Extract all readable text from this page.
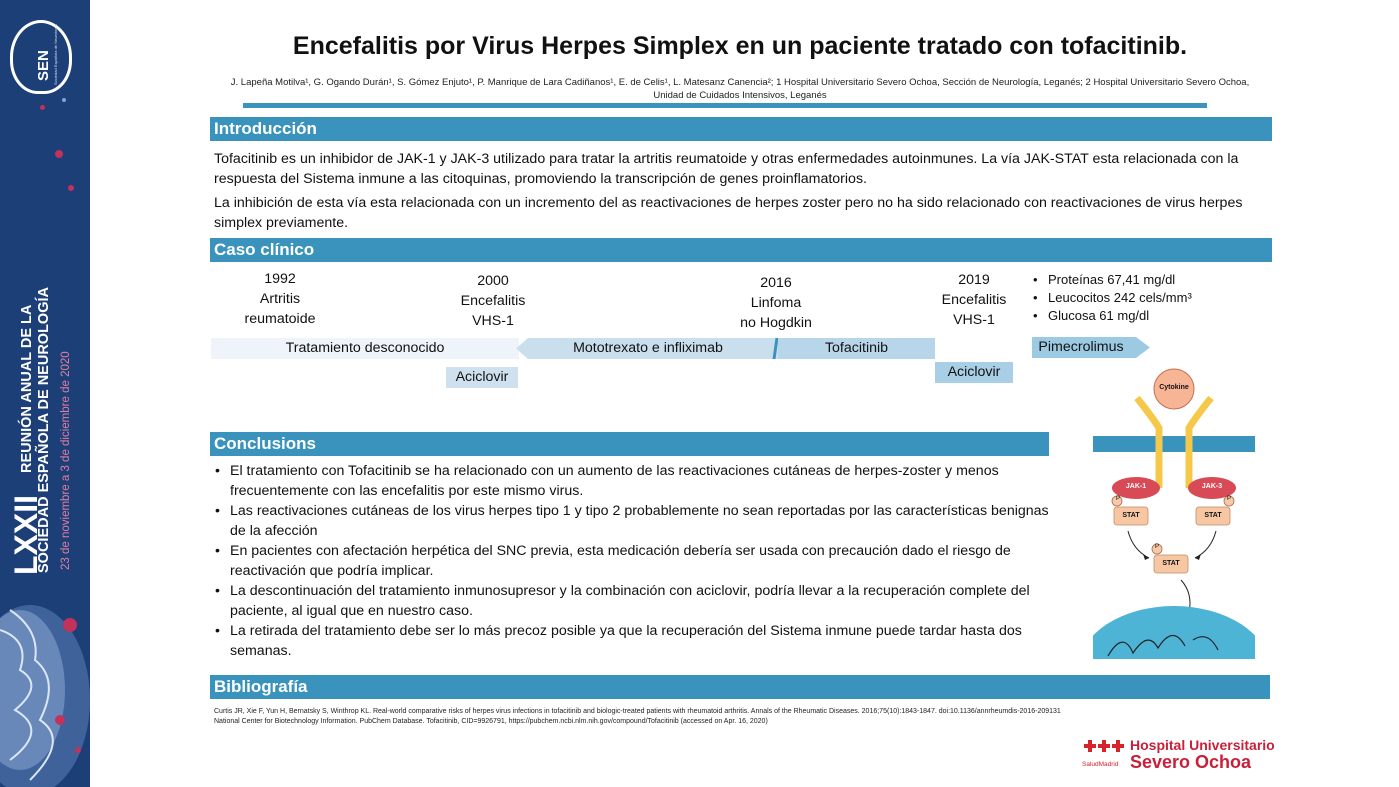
SEN Sociedad Española de Neurología
LXXII
REUNIÓN ANUAL DE LA SOCIEDAD ESPAÑOLA DE NEUROLOGÍA 23 de noviembre a 3 de diciembre de 2020
Encefalitis por Virus Herpes Simplex en un paciente tratado con tofacitinib.
J. Lapeña Motilva¹, G. Ogando Durán¹, S. Gómez Enjuto¹, P. Manrique de Lara Cadiñanos¹, E. de Celis¹, L. Matesanz Canencia²; 1 Hospital Universitario Severo Ochoa, Sección de Neurología, Leganés; 2 Hospital Universitario Severo Ochoa,
Unidad de Cuidados Intensivos, Leganés
Introducción
Tofacitinib es un inhibidor de JAK-1 y JAK-3 utilizado para tratar la artritis reumatoide y otras enfermedades autoinmunes. La vía JAK-STAT esta relacionada con la respuesta del Sistema inmune a las citoquinas, promoviendo la transcripción de genes proinflamatorios.
La inhibición de esta vía esta relacionada con un incremento del as reactivaciones de herpes zoster pero no ha sido relacionado con reactivaciones de virus herpes simplex previamente.
Caso clínico
1992
Artritis
reumatoide
2000
Encefalitis
VHS-1
2016
Linfoma
no Hogdkin
2019
Encefalitis
VHS-1
• Proteínas 67,41 mg/dl
• Leucocitos 242 cels/mm³
• Glucosa 61 mg/dl
Tratamiento desconocido	Mototrexato e infliximab	Tofacitinib	Pimecrolimus
Aciclovir	Aciclovir
Cytokine
JAK-1	JAK-3
P	P
STAT	STAT
P
STAT
Conclusions
• El tratamiento con Tofacitinib se ha relacionado con un aumento de las reactivaciones cutáneas de herpes-zoster y menos frecuentemente con las encefalitis por este mismo virus.
• Las reactivaciones cutáneas de los virus herpes tipo 1 y tipo 2 probablemente no sean reportadas por las características benignas de la afección
• En pacientes con afectación herpética del SNC previa, esta medicación debería ser usada con precaución dado el riesgo de reactivación que podría implicar.
• La descontinuación del tratamiento inmunosupresor y la combinación con aciclovir, podría llevar a la recuperación complete del paciente, al igual que en nuestro caso.
• La retirada del tratamiento debe ser lo más precoz posible ya que la recuperación del Sistema inmune puede tardar hasta dos semanas.
Bibliografía
Curtis JR, Xie F, Yun H, Bernatsky S, Winthrop KL. Real-world comparative risks of herpes virus infections in tofacitinib and biologic-treated patients with rheumatoid arthritis. Annals of the Rheumatic Diseases. 2016;75(10):1843-1847. doi:10.1136/annrheumdis-2016-209131
National Center for Biotechnology Information. PubChem Database. Tofacitinib, CID=9926791, https://pubchem.ncbi.nlm.nih.gov/compound/Tofacitinib (accessed on Apr. 16, 2020)
SaludMadrid
Hospital Universitario
Severo Ochoa
